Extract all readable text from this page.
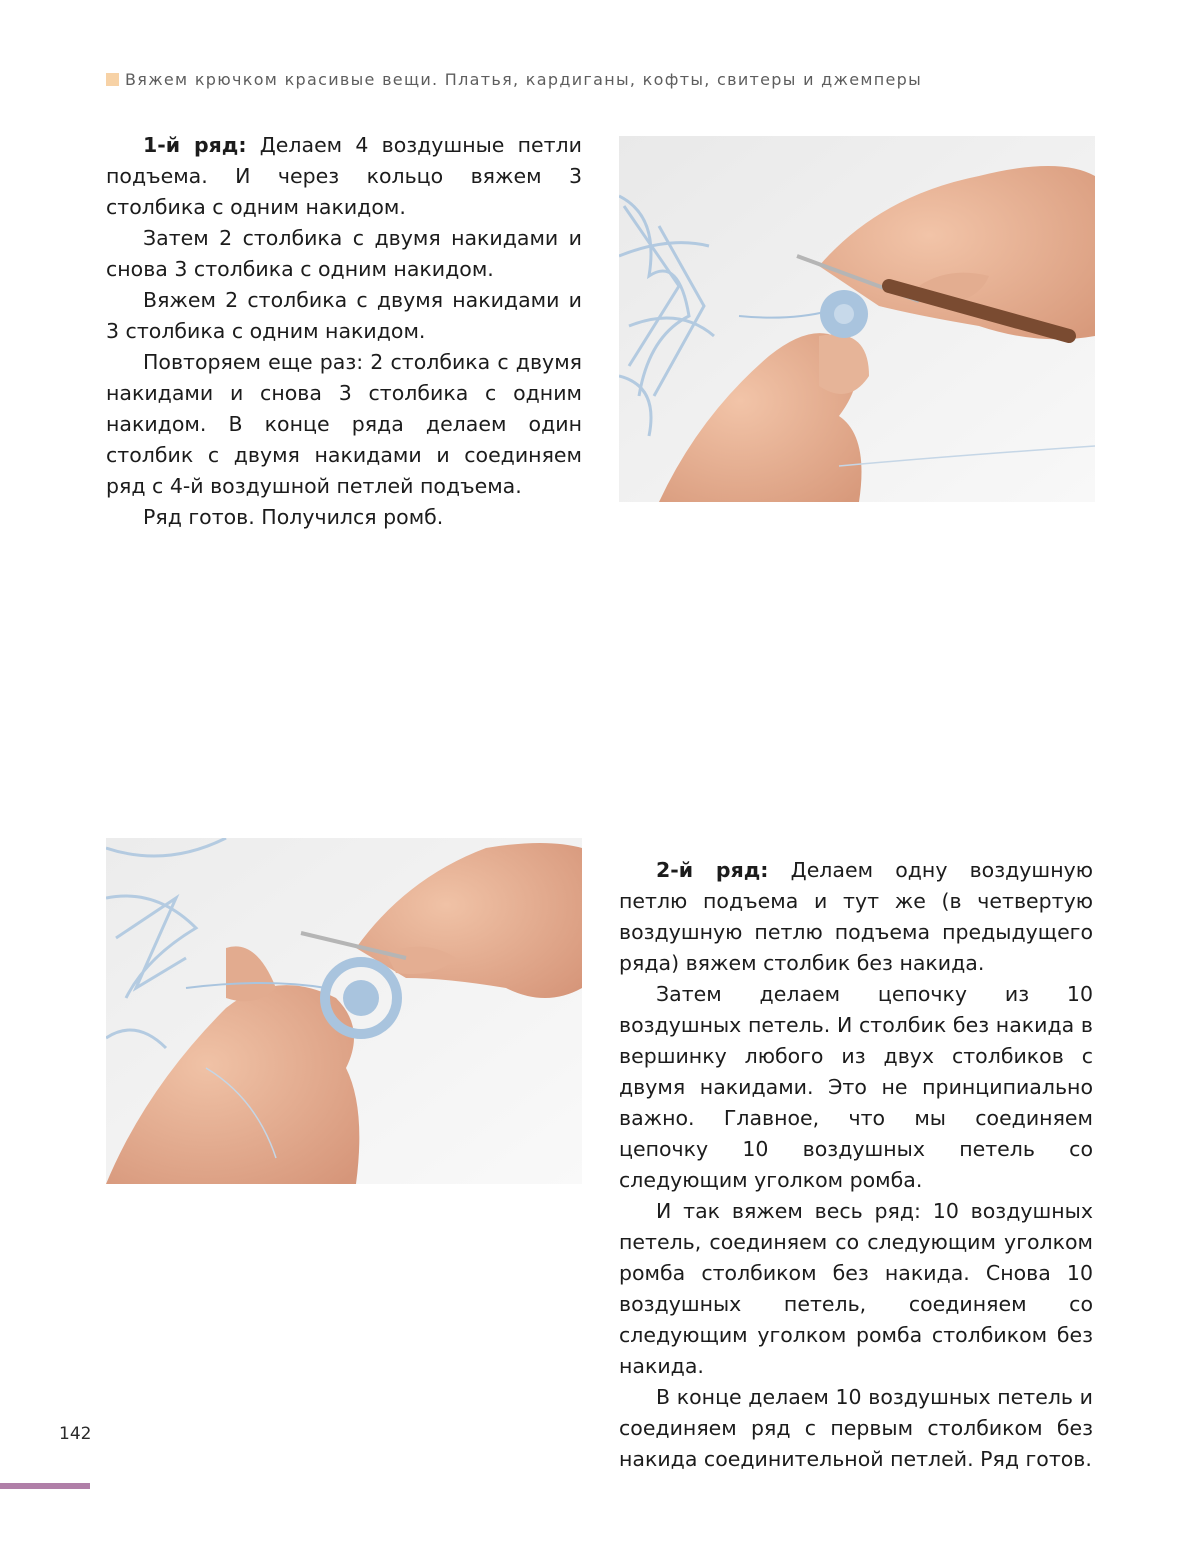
Вяжем крючком красивые вещи. Платья, кардиганы, кофты, свитеры и джемперы

1-й ряд: Делаем 4 воздушные петли подъема. И через кольцо вяжем 3 столбика с одним накидом.

Затем 2 столбика с двумя накидами и снова 3 столбика с одним накидом.

Вяжем 2 столбика с двумя накидами и 3 столбика с одним накидом.

Повторяем еще раз: 2 столбика с двумя накидами и снова 3 столбика с одним накидом. В конце ряда делаем один столбик с двумя накидами и соединяем ряд с 4-й воздушной петлей подъема.

Ряд готов. Получился ромб.

2-й ряд: Делаем одну воздушную петлю подъема и тут же (в четвертую воздушную петлю подъема предыдущего ряда) вяжем столбик без накида.

Затем делаем цепочку из 10 воздушных петель. И столбик без накида в вершинку любого из двух столбиков с двумя накидами. Это не принципиально важно. Главное, что мы соединяем цепочку 10 воздушных петель со следующим уголком ромба.

И так вяжем весь ряд: 10 воздушных петель, соединяем со следующим уголком ромба столбиком без накида. Снова 10 воздушных петель, соединяем со следующим уголком ромба столбиком без накида.

В конце делаем 10 воздушных петель и соединяем ряд с первым столбиком без накида соединительной петлей. Ряд готов.

142
